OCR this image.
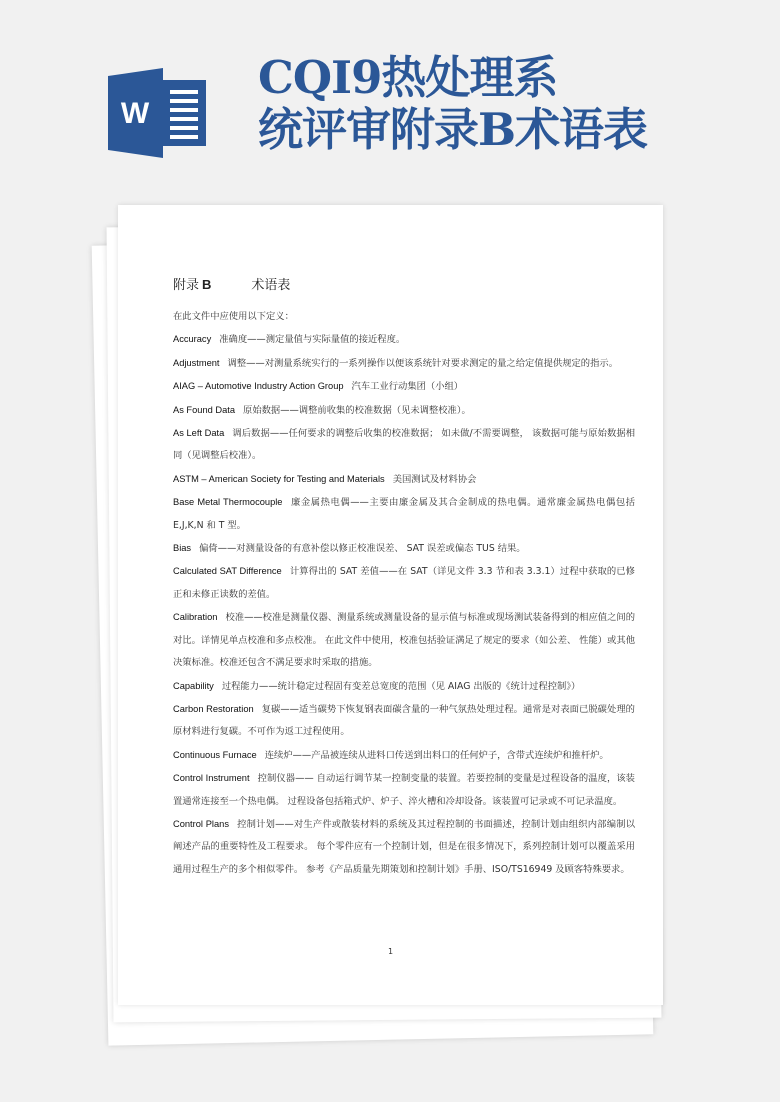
W
CQI9热处理系
统评审附录B术语表
附录 B	术语表

在此文件中应使用以下定义：

Accuracy 准确度——测定量值与实际量值的接近程度。

Adjustment 调整——对测量系统实行的一系列操作以便该系统针对要求测定的量之给定值提供规定的指示。

AIAG – Automotive Industry Action Group 汽车工业行动集团（小组）

As Found Data 原始数据——调整前收集的校准数据（见未调整校准）。

As Left Data 调后数据——任何要求的调整后收集的校准数据； 如未做/不需要调整， 该数据可能与原始数据相同（见调整后校准）。

ASTM – American Society for Testing and Materials 美国测试及材料协会

Base Metal Thermocouple 廉金属热电偶——主要由廉金属及其合金制成的热电偶。通常廉金属热电偶包括 E,J,K,N 和 T 型。

Bias 偏倚——对测量设备的有意补偿以修正校准误差、 SAT 误差或偏态 TUS 结果。

Calculated SAT Difference 计算得出的 SAT 差值——在 SAT（详见文件 3.3 节和表 3.3.1）过程中获取的已修正和未修正读数的差值。

Calibration 校准——校准是测量仪器、测量系统或测量设备的显示值与标准或现场测试装备得到的相应值之间的对比。详情见单点校准和多点校准。 在此文件中使用，校准包括验证满足了规定的要求（如公差、 性能）或其他决策标准。校准还包含不满足要求时采取的措施。

Capability 过程能力——统计稳定过程固有变差总宽度的范围（见 AIAG 出版的《统计过程控制》）

Carbon Restoration 复碳——适当碳势下恢复钢表面碳含量的一种气氛热处理过程。通常是对表面已脱碳处理的原材料进行复碳。不可作为返工过程使用。

Continuous Furnace 连续炉——产品被连续从进料口传送到出料口的任何炉子，含带式连续炉和推杆炉。

Control Instrument 控制仪器—— 自动运行调节某一控制变量的装置。若要控制的变量是过程设备的温度，该装置通常连接至一个热电偶。 过程设备包括箱式炉、炉子、淬火槽和冷却设备。该装置可记录或不可记录温度。

Control Plans 控制计划——对生产件或散装材料的系统及其过程控制的书面描述，控制计划由组织内部编制以阐述产品的重要特性及工程要求。 每个零件应有一个控制计划，但是在很多情况下，系列控制计划可以覆盖采用通用过程生产的多个相似零件。 参考《产品质量先期策划和控制计划》手册、ISO/TS16949 及顾客特殊要求。

1
